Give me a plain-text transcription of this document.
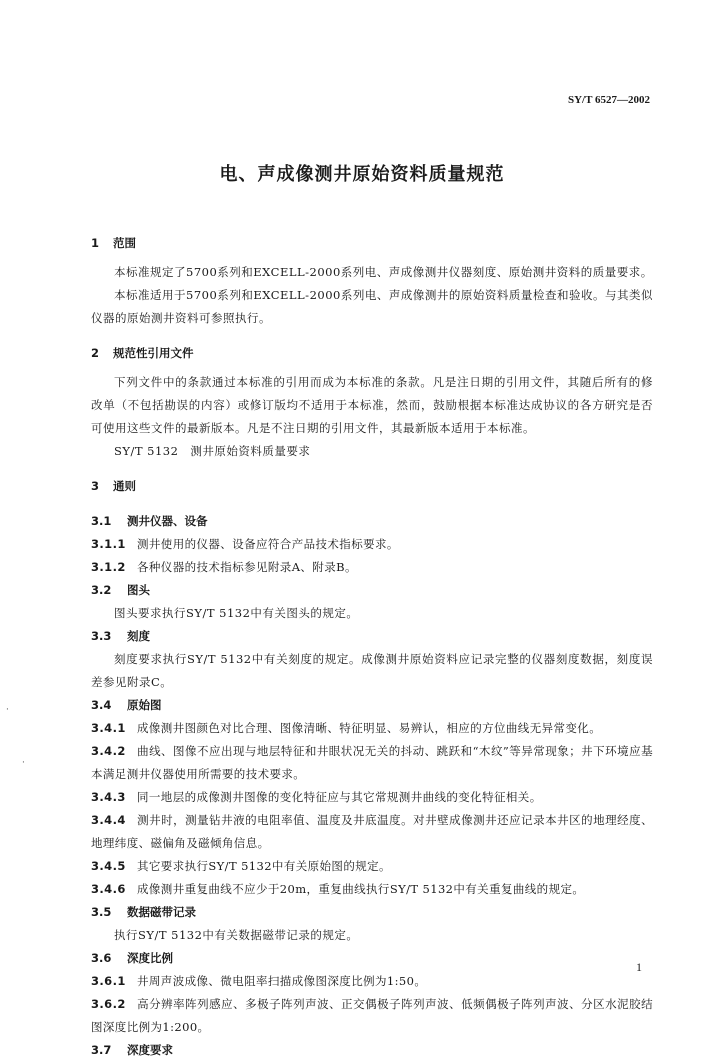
SY/T 6527—2002
电、声成像测井原始资料质量规范
1 范围
本标准规定了5700系列和EXCELL-2000系列电、声成像测井仪器刻度、原始测井资料的质量要求。
本标准适用于5700系列和EXCELL-2000系列电、声成像测井的原始资料质量检查和验收。与其类似仪器的原始测井资料可参照执行。
2 规范性引用文件
下列文件中的条款通过本标准的引用而成为本标准的条款。凡是注日期的引用文件，其随后所有的修改单（不包括勘误的内容）或修订版均不适用于本标准，然而，鼓励根据本标准达成协议的各方研究是否可使用这些文件的最新版本。凡是不注日期的引用文件，其最新版本适用于本标准。
SY/T 5132　测井原始资料质量要求
3 通则
3.1 测井仪器、设备
3.1.1 测井使用的仪器、设备应符合产品技术指标要求。
3.1.2 各种仪器的技术指标参见附录A、附录B。
3.2 图头
图头要求执行SY/T 5132中有关图头的规定。
3.3 刻度
刻度要求执行SY/T 5132中有关刻度的规定。成像测井原始资料应记录完整的仪器刻度数据，刻度误差参见附录C。
3.4 原始图
3.4.1 成像测井图颜色对比合理、图像清晰、特征明显、易辨认，相应的方位曲线无异常变化。
3.4.2 曲线、图像不应出现与地层特征和井眼状况无关的抖动、跳跃和“木纹”等异常现象；井下环境应基本满足测井仪器使用所需要的技术要求。
3.4.3 同一地层的成像测井图像的变化特征应与其它常规测井曲线的变化特征相关。
3.4.4 测井时，测量钻井液的电阻率值、温度及井底温度。对井壁成像测井还应记录本井区的地理经度、地理纬度、磁偏角及磁倾角信息。
3.4.5 其它要求执行SY/T 5132中有关原始图的规定。
3.4.6 成像测井重复曲线不应少于20m，重复曲线执行SY/T 5132中有关重复曲线的规定。
3.5 数据磁带记录
执行SY/T 5132中有关数据磁带记录的规定。
3.6 深度比例
3.6.1 井周声波成像、微电阻率扫描成像图深度比例为1:50。
3.6.2 高分辨率阵列感应、多极子阵列声波、正交偶极子阵列声波、低频偶极子阵列声波、分区水泥胶结图深度比例为1:200。
3.7 深度要求
1
·
·
